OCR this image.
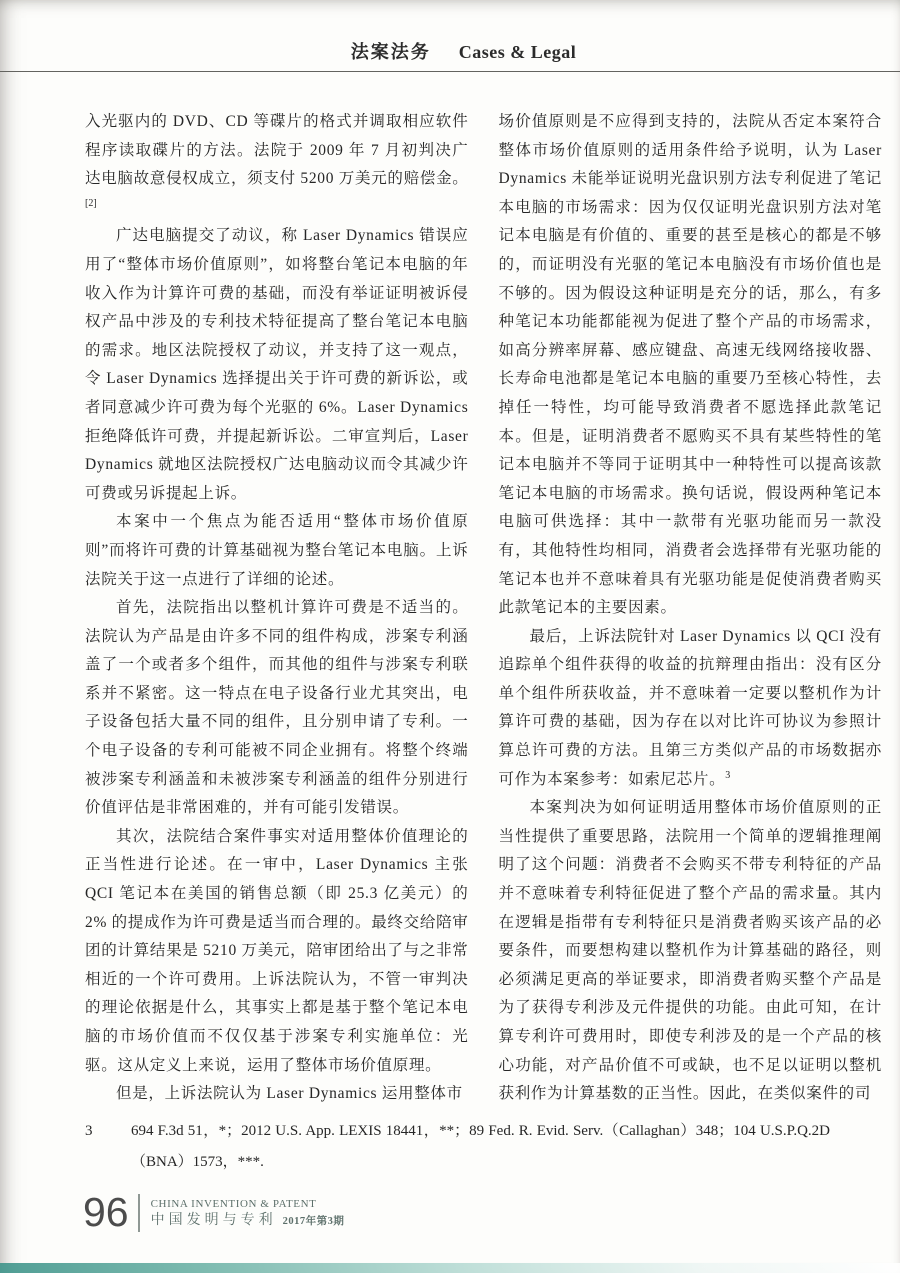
法案法务 Cases & Legal

入光驱内的 DVD、CD 等碟片的格式并调取相应软件程序读取碟片的方法。法院于 2009 年 7 月初判决广达电脑故意侵权成立，须支付 5200 万美元的赔偿金。[2]

广达电脑提交了动议，称 Laser Dynamics 错误应用了“整体市场价值原则”，如将整台笔记本电脑的年收入作为计算许可费的基础，而没有举证证明被诉侵权产品中涉及的专利技术特征提高了整台笔记本电脑的需求。地区法院授权了动议，并支持了这一观点，令 Laser Dynamics 选择提出关于许可费的新诉讼，或者同意减少许可费为每个光驱的 6%。Laser Dynamics 拒绝降低许可费，并提起新诉讼。二审宣判后，Laser Dynamics 就地区法院授权广达电脑动议而令其减少许可费或另诉提起上诉。

本案中一个焦点为能否适用“整体市场价值原则”而将许可费的计算基础视为整台笔记本电脑。上诉法院关于这一点进行了详细的论述。

首先，法院指出以整机计算许可费是不适当的。法院认为产品是由许多不同的组件构成，涉案专利涵盖了一个或者多个组件，而其他的组件与涉案专利联系并不紧密。这一特点在电子设备行业尤其突出，电子设备包括大量不同的组件，且分别申请了专利。一个电子设备的专利可能被不同企业拥有。将整个终端被涉案专利涵盖和未被涉案专利涵盖的组件分别进行价值评估是非常困难的，并有可能引发错误。

其次，法院结合案件事实对适用整体价值理论的正当性进行论述。在一审中，Laser Dynamics 主张 QCI 笔记本在美国的销售总额（即 25.3 亿美元）的 2% 的提成作为许可费是适当而合理的。最终交给陪审团的计算结果是 5210 万美元，陪审团给出了与之非常相近的一个许可费用。上诉法院认为，不管一审判决的理论依据是什么，其事实上都是基于整个笔记本电脑的市场价值而不仅仅基于涉案专利实施单位：光驱。这从定义上来说，运用了整体市场价值原理。

但是，上诉法院认为 Laser Dynamics 运用整体市

场价值原则是不应得到支持的，法院从否定本案符合整体市场价值原则的适用条件给予说明，认为 Laser Dynamics 未能举证说明光盘识别方法专利促进了笔记本电脑的市场需求：因为仅仅证明光盘识别方法对笔记本电脑是有价值的、重要的甚至是核心的都是不够的，而证明没有光驱的笔记本电脑没有市场价值也是不够的。因为假设这种证明是充分的话，那么，有多种笔记本功能都能视为促进了整个产品的市场需求，如高分辨率屏幕、感应键盘、高速无线网络接收器、长寿命电池都是笔记本电脑的重要乃至核心特性，去掉任一特性，均可能导致消费者不愿选择此款笔记本。但是，证明消费者不愿购买不具有某些特性的笔记本电脑并不等同于证明其中一种特性可以提高该款笔记本电脑的市场需求。换句话说，假设两种笔记本电脑可供选择：其中一款带有光驱功能而另一款没有，其他特性均相同，消费者会选择带有光驱功能的笔记本也并不意味着具有光驱功能是促使消费者购买此款笔记本的主要因素。

最后，上诉法院针对 Laser Dynamics 以 QCI 没有追踪单个组件获得的收益的抗辩理由指出：没有区分单个组件所获收益，并不意味着一定要以整机作为计算许可费的基础，因为存在以对比许可协议为参照计算总许可费的方法。且第三方类似产品的市场数据亦可作为本案参考：如索尼芯片。$^3$

本案判决为如何证明适用整体市场价值原则的正当性提供了重要思路，法院用一个简单的逻辑推理阐明了这个问题：消费者不会购买不带专利特征的产品并不意味着专利特征促进了整个产品的需求量。其内在逻辑是指带有专利特征只是消费者购买该产品的必要条件，而要想构建以整机作为计算基础的路径，则必须满足更高的举证要求，即消费者购买整个产品是为了获得专利涉及元件提供的功能。由此可知，在计算专利许可费用时，即使专利涉及的是一个产品的核心功能，对产品价值不可或缺，也不足以证明以整机获利作为计算基数的正当性。因此，在类似案件的司

3	694 F.3d 51，*；2012 U.S. App. LEXIS 18441，**；89 Fed. R. Evid. Serv.（Callaghan）348；104 U.S.P.Q.2D（BNA）1573，***.
96 CHINA INVENTION & PATENT
中国发明与专利 2017年第3期
